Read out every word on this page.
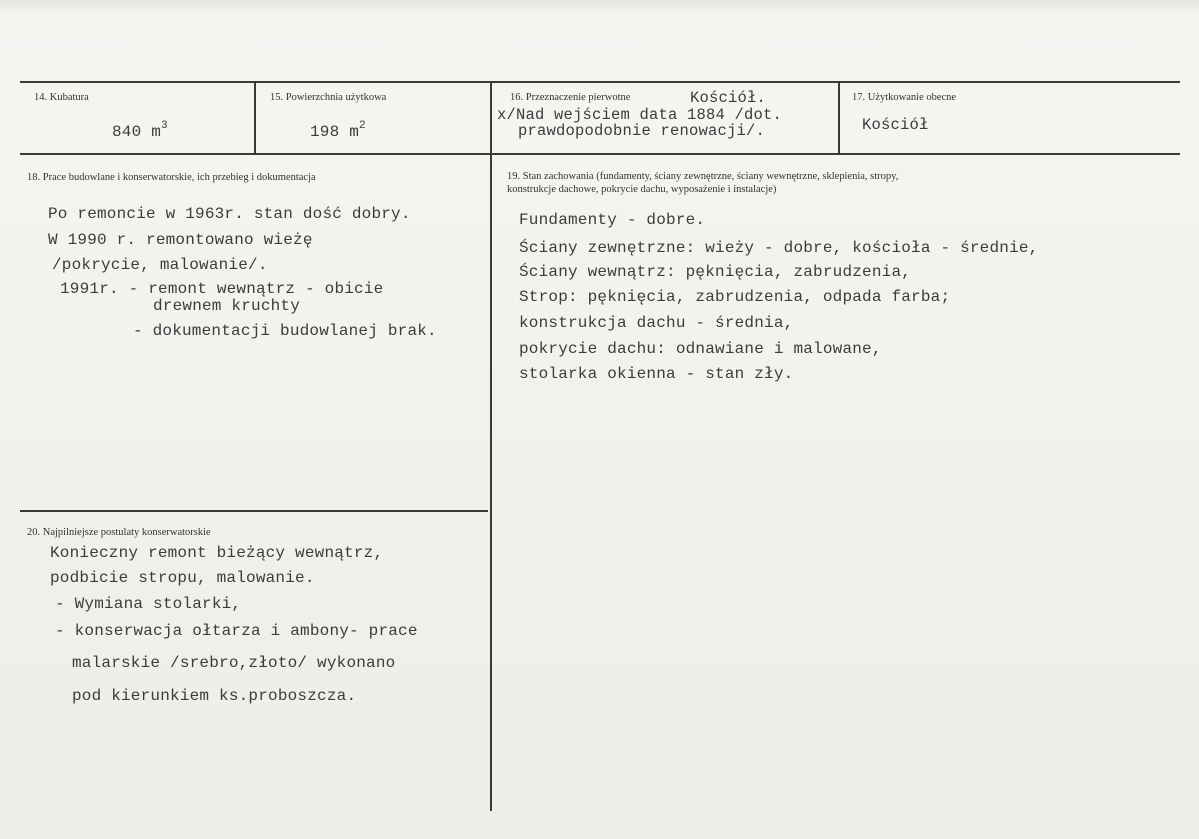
14. Kubatura
840 $m^3$
15. Powierzchnia użytkowa
198 $m^2$
16. Przeznaczenie pierwotne	Kościół.
x/Nad wejściem data 1884 /dot.
prawdopodobnie renowacji/.
17. Użytkowanie obecne
Kościół
18. Prace budowlane i konserwatorskie, ich przebieg i dokumentacja
Po remoncie w 1963r. stan dość dobry.
W 1990 r. remontowano wieżę
/pokrycie, malowanie/.
1991r. - remont wewnątrz - obicie
drewnem kruchty
- dokumentacji budowlanej brak.
19. Stan zachowania (fundamenty, ściany zewnętrzne, ściany wewnętrzne, sklepienia, stropy,
konstrukcje dachowe, pokrycie dachu, wyposażenie i instalacje)
Fundamenty - dobre.
Ściany zewnętrzne: wieży - dobre, kościoła - średnie,
Ściany wewnątrz: pęknięcia, zabrudzenia,
Strop: pęknięcia, zabrudzenia, odpada farba;
konstrukcja dachu - średnia,
pokrycie dachu: odnawiane i malowane,
stolarka okienna - stan zły.
20. Najpilniejsze postulaty konserwatorskie
Konieczny remont bieżący wewnątrz,
podbicie stropu, malowanie.
- Wymiana stolarki,
- konserwacja ołtarza i ambony- prace
malarskie /srebro,złoto/ wykonano
pod kierunkiem ks.proboszcza.
